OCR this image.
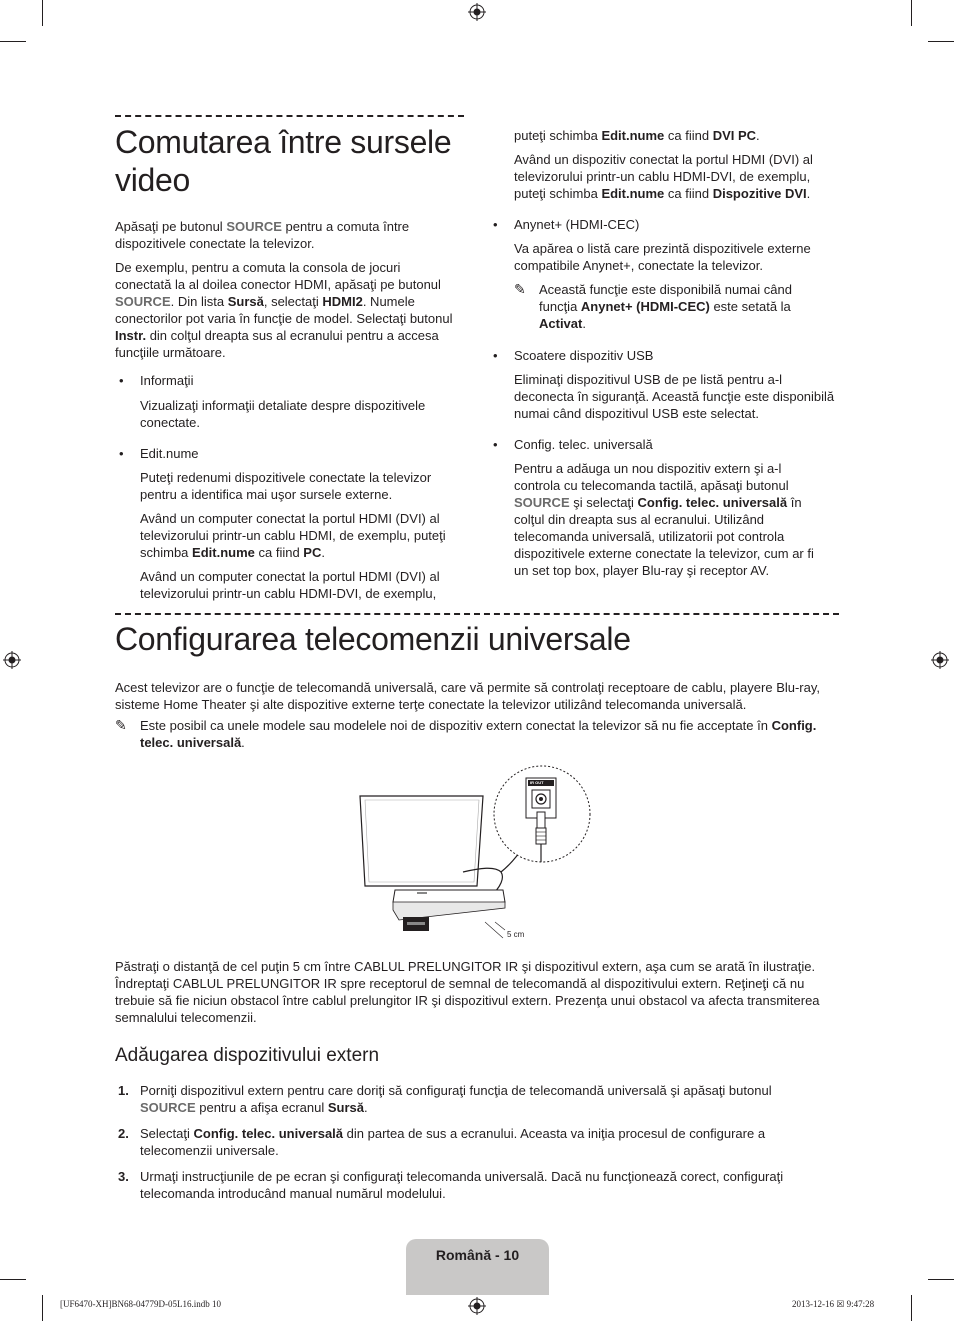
Comutarea între sursele
video

Apăsaţi pe butonul SOURCE pentru a comuta între dispozitivele conectate la televizor.

De exemplu, pentru a comuta la consola de jocuri conectată la al doilea conector HDMI, apăsaţi pe butonul SOURCE. Din lista Sursă, selectaţi HDMI2. Numele conectorilor pot varia în funcţie de model. Selectaţi butonul Instr. din colţul dreapta sus al ecranului pentru a accesa funcţiile următoare.

• Informaţii

Vizualizaţi informaţii detaliate despre dispozitivele conectate.

• Edit.nume

Puteţi redenumi dispozitivele conectate la televizor pentru a identifica mai uşor sursele externe.

Având un computer conectat la portul HDMI (DVI) al televizorului printr-un cablu HDMI, de exemplu, puteţi schimba Edit.nume ca fiind PC.

Având un computer conectat la portul HDMI (DVI) al televizorului printr-un cablu HDMI-DVI, de exemplu,

puteţi schimba Edit.nume ca fiind DVI PC.

Având un dispozitiv conectat la portul HDMI (DVI) al televizorului printr-un cablu HDMI-DVI, de exemplu, puteţi schimba Edit.nume ca fiind Dispozitive DVI.

• Anynet+ (HDMI-CEC)

Va apărea o listă care prezintă dispozitivele externe compatibile Anynet+, conectate la televizor.

✎ Această funcţie este disponibilă numai când funcţia Anynet+ (HDMI-CEC) este setată la Activat.

• Scoatere dispozitiv USB

Eliminaţi dispozitivul USB de pe listă pentru a-l deconecta în siguranţă. Această funcţie este disponibilă numai când dispozitivul USB este selectat.

• Config. telec. universală

Pentru a adăuga un nou dispozitiv extern şi a-l controla cu telecomanda tactilă, apăsaţi butonul SOURCE şi selectaţi Config. telec. universală în colţul din dreapta sus al ecranului. Utilizând telecomanda universală, utilizatorii pot controla dispozitivele externe conectate la televizor, cum ar fi un set top box, player Blu-ray şi receptor AV.

Configurarea telecomenzii universale

Acest televizor are o funcţie de telecomandă universală, care vă permite să controlaţi receptoare de cablu, playere Blu-ray, sisteme Home Theater şi alte dispozitive externe terţe conectate la televizor utilizând telecomanda universală.

✎ Este posibil ca unele modele sau modelele noi de dispozitiv extern conectat la televizor să nu fie acceptate în Config. telec. universală.

5 cm
IR OUT

Păstraţi o distanţă de cel puţin 5 cm între CABLUL PRELUNGITOR IR şi dispozitivul extern, aşa cum se arată în ilustraţie. Îndreptaţi CABLUL PRELUNGITOR IR spre receptorul de semnal de telecomandă al dispozitivului extern. Reţineţi că nu trebuie să fie niciun obstacol între cablul prelungitor IR şi dispozitivul extern. Prezenţa unui obstacol va afecta transmiterea semnalului telecomenzii.

Adăugarea dispozitivului extern
1. Porniţi dispozitivul extern pentru care doriţi să configuraţi funcţia de telecomandă universală şi apăsaţi butonul SOURCE pentru a afişa ecranul Sursă.

2. Selectaţi Config. telec. universală din partea de sus a ecranului. Aceasta va iniţia procesul de configurare a telecomenzii universale.

3. Urmaţi instrucţiunile de pe ecran şi configuraţi telecomanda universală. Dacă nu funcţionează corect, configuraţi telecomanda introducând manual numărul modelului.

Română - 10
[UF6470-XH]BN68-04779D-05L16.indb 10	2013-12-16 ☒ 9:47:28
